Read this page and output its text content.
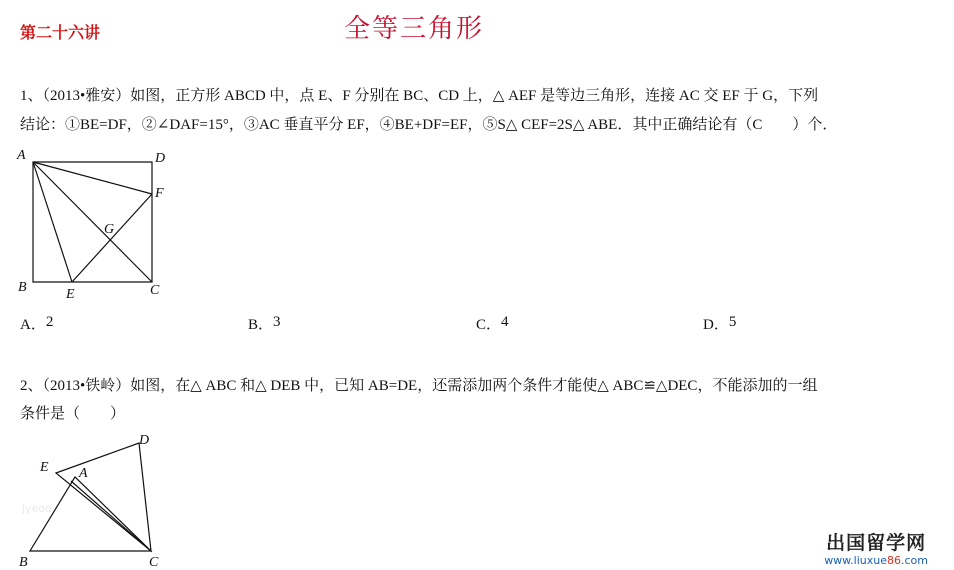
第二十六讲	全等三角形
1、（2013•雅安）如图，正方形 ABCD 中，点 E、F 分别在 BC、CD 上，△ AEF 是等边三角形，连接 AC 交 EF 于 G，下列
结论：①BE=DF，②∠DAF=15°，③AC 垂直平分 EF，④BE+DF=EF，⑤S△ CEF=2S△ ABE．其中正确结论有（C　　）个．
A	D
F
G
B	E	C
A．2	B．3	C．4	D．5
2、（2013•铁岭）如图，在△ ABC 和△ DEB 中，已知 AB=DE，还需添加两个条件才能使△ ABC≌△DEC，不能添加的一组
条件是（　　）
jyeoo
E A
D
B	C
出国留学网
www.liuxue86.com
